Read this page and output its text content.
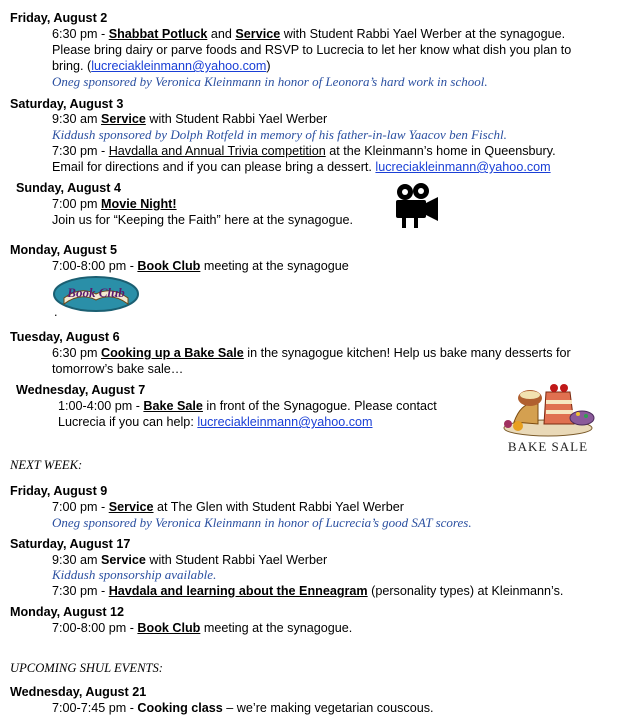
Friday, August 2
6:30 pm - Shabbat Potluck and Service with Student Rabbi Yael Werber at the synagogue.
Please bring dairy or parve foods and RSVP to Lucrecia to let her know what dish you plan to
bring. (lucreciakleinmann@yahoo.com)
Oneg sponsored by Veronica Kleinmann in honor of Leonora’s hard work in school.
Saturday, August 3
9:30 am Service with Student Rabbi Yael Werber
Kiddush sponsored by Dolph Rotfeld in memory of his father-in-law Yaacov ben Fischl.
7:30 pm - Havdalla and Annual Trivia competition at the Kleinmann’s home in Queensbury.
Email for directions and if you can please bring a dessert. lucreciakleinmann@yahoo.com
Sunday, August 4
7:00 pm Movie Night!
Join us for “Keeping the Faith” here at the synagogue.
Monday, August 5
7:00-8:00 pm - Book Club meeting at the synagogue
Book Club
.
Tuesday, August 6
6:30 pm Cooking up a Bake Sale in the synagogue kitchen! Help us bake many desserts for
tomorrow’s bake sale…
Wednesday, August 7
1:00-4:00 pm - Bake Sale in front of the Synagogue. Please contact
Lucrecia if you can help: lucreciakleinmann@yahoo.com
BAKE SALE
NEXT WEEK:
Friday, August 9
7:00 pm - Service at The Glen with Student Rabbi Yael Werber
Oneg sponsored by Veronica Kleinmann in honor of Lucrecia’s good SAT scores.
Saturday, August 17
9:30 am Service with Student Rabbi Yael Werber
Kiddush sponsorship available.
7:30 pm - Havdala and learning about the Enneagram (personality types) at Kleinmann’s.
Monday, August 12
7:00-8:00 pm - Book Club meeting at the synagogue.
UPCOMING SHUL EVENTS:
Wednesday, August 21
7:00-7:45 pm - Cooking class – we’re making vegetarian couscous.
